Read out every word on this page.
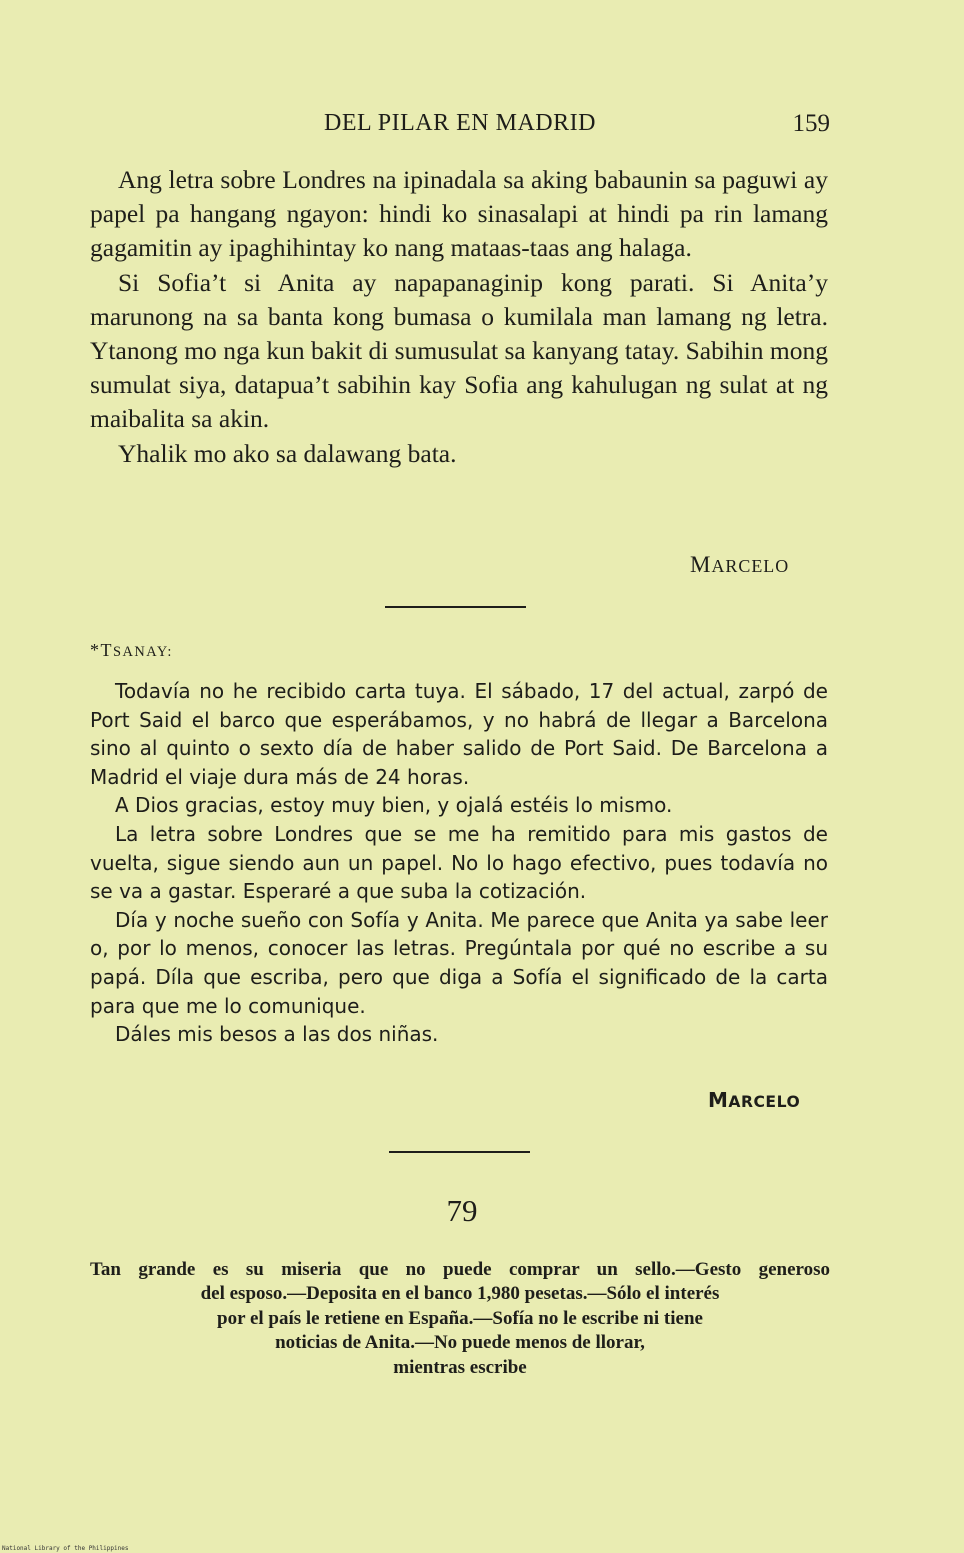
DEL PILAR EN MADRID	159

Ang letra sobre Londres na ipinadala sa aking babaunin sa paguwi ay papel pa hangang ngayon: hindi ko sinasalapi at hindi pa rin lamang gagamitin ay ipaghihintay ko nang mataas-taas ang halaga.

Si Sofia’t si Anita ay napapanaginip kong parati. Si Anita’y marunong na sa banta kong bumasa o kumilala man lamang ng letra. Ytanong mo nga kun bakit di sumusulat sa kanyang tatay. Sabihin mong sumulat siya, datapua’t sabihin kay Sofia ang kahulugan ng sulat at ng maibalita sa akin.

Yhalik mo ako sa dalawang bata.

MARCELO
*TSANAY:

Todavía no he recibido carta tuya. El sábado, 17 del actual, zarpó de Port Said el barco que esperábamos, y no habrá de llegar a Barcelona sino al quinto o sexto día de haber salido de Port Said. De Barcelona a Madrid el viaje dura más de 24 horas.

A Dios gracias, estoy muy bien, y ojalá estéis lo mismo.

La letra sobre Londres que se me ha remitido para mis gastos de vuelta, sigue siendo aun un papel. No lo hago efectivo, pues todavía no se va a gastar. Esperaré a que suba la cotización.

Día y noche sueño con Sofía y Anita. Me parece que Anita ya sabe leer o, por lo menos, conocer las letras. Pregúntala por qué no escribe a su papá. Díla que escriba, pero que diga a Sofía el significado de la carta para que me lo comunique.

Dáles mis besos a las dos niñas.

MARCELO
79
Tan grande es su miseria que no puede comprar un sello.—Gesto generoso
del esposo.—Deposita en el banco 1,980 pesetas.—Sólo el interés
por el país le retiene en España.—Sofía no le escribe ni tiene
noticias de Anita.—No puede menos de llorar,
mientras escribe
National Library of the Philippines
